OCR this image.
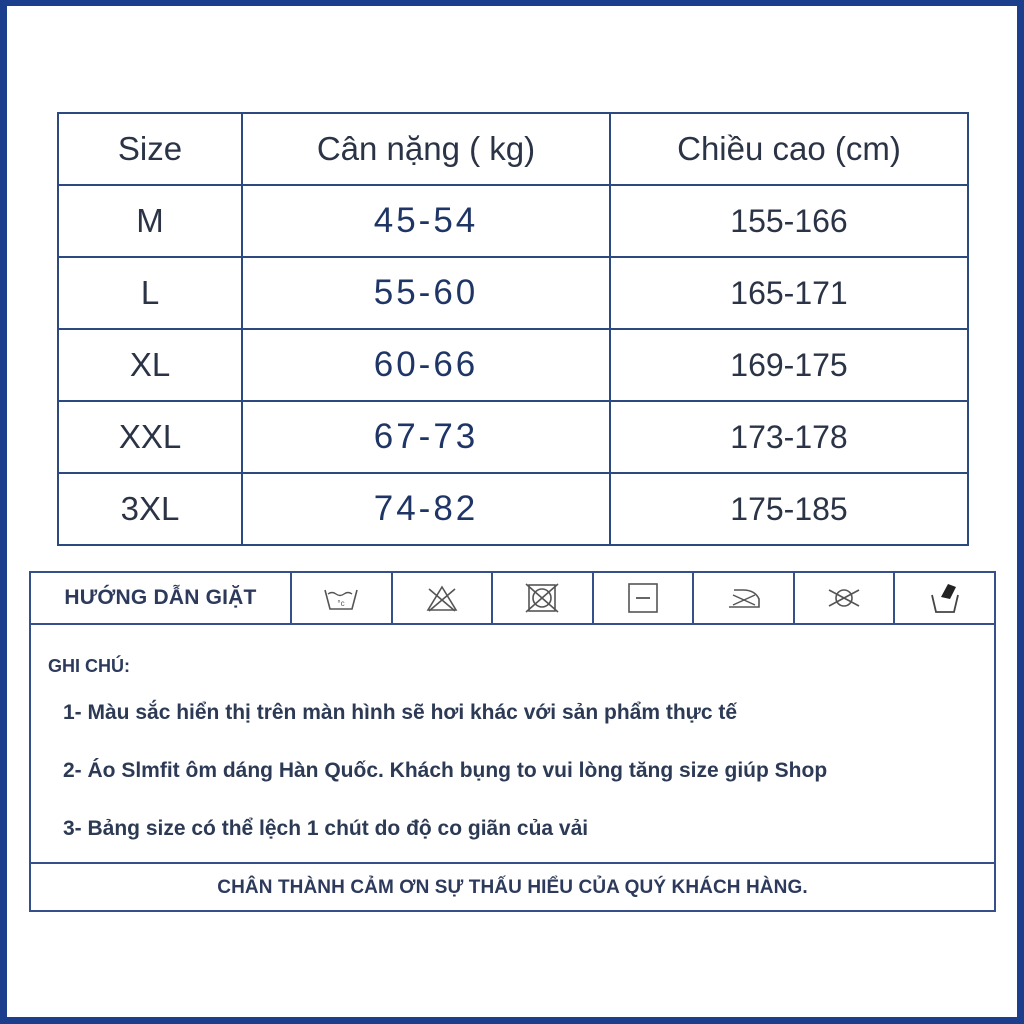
Size	Cân nặng ( kg)	Chiều cao (cm)
M	45-54	155-166
L	55-60	165-171
XL	60-66	169-175
XXL	67-73	173-178
3XL	74-82	175-185
HƯỚNG DẪN GIẶT	°c
GHI CHÚ:
1- Màu sắc hiển thị trên màn hình sẽ hơi khác với sản phẩm thực tế
2- Áo Slmfit ôm dáng Hàn Quốc. Khách bụng to vui lòng tăng size giúp Shop
3- Bảng size có thể lệch 1 chút do độ co giãn của vải
CHÂN THÀNH CẢM ƠN SỰ THẤU HIỂU CỦA QUÝ KHÁCH HÀNG.
